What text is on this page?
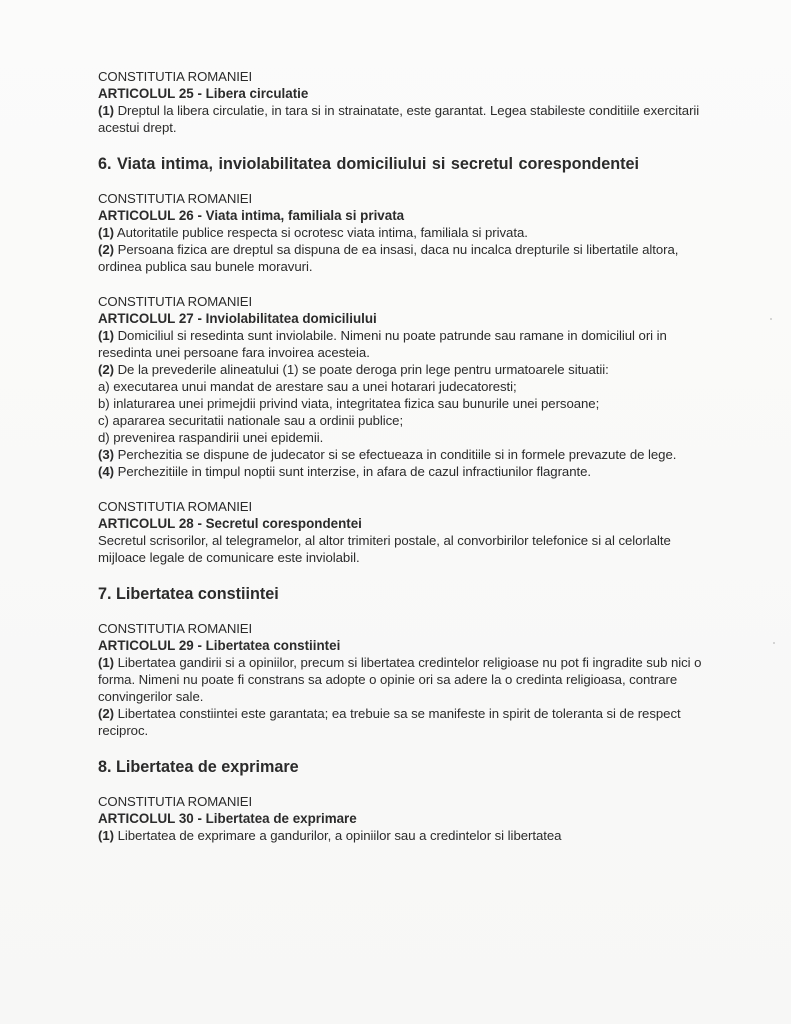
CONSTITUTIA ROMANIEI
ARTICOLUL 25 - Libera circulatie
(1) Dreptul la libera circulatie, in tara si in strainatate, este garantat. Legea stabileste conditiile exercitarii acestui drept.
6. Viata intima, inviolabilitatea domiciliului si secretul corespondentei
CONSTITUTIA ROMANIEI
ARTICOLUL 26 - Viata intima, familiala si privata
(1) Autoritatile publice respecta si ocrotesc viata intima, familiala si privata.
(2) Persoana fizica are dreptul sa dispuna de ea insasi, daca nu incalca drepturile si libertatile altora, ordinea publica sau bunele moravuri.
CONSTITUTIA ROMANIEI
ARTICOLUL 27 - Inviolabilitatea domiciliului
(1) Domiciliul si resedinta sunt inviolabile. Nimeni nu poate patrunde sau ramane in domiciliul ori in resedinta unei persoane fara invoirea acesteia.
(2) De la prevederile alineatului (1) se poate deroga prin lege pentru urmatoarele situatii:
a) executarea unui mandat de arestare sau a unei hotarari judecatoresti;
b) inlaturarea unei primejdii privind viata, integritatea fizica sau bunurile unei persoane;
c) apararea securitatii nationale sau a ordinii publice;
d) prevenirea raspandirii unei epidemii.
(3) Perchezitia se dispune de judecator si se efectueaza in conditiile si in formele prevazute de lege.
(4) Perchezitiile in timpul noptii sunt interzise, in afara de cazul infractiunilor flagrante.
CONSTITUTIA ROMANIEI
ARTICOLUL 28 - Secretul corespondentei
Secretul scrisorilor, al telegramelor, al altor trimiteri postale, al convorbirilor telefonice si al celorlalte mijloace legale de comunicare este inviolabil.
7. Libertatea constiintei
CONSTITUTIA ROMANIEI
ARTICOLUL 29 - Libertatea constiintei
(1) Libertatea gandirii si a opiniilor, precum si libertatea credintelor religioase nu pot fi ingradite sub nici o forma. Nimeni nu poate fi constrans sa adopte o opinie ori sa adere la o credinta religioasa, contrare convingerilor sale.
(2) Libertatea constiintei este garantata; ea trebuie sa se manifeste in spirit de toleranta si de respect reciproc.
8. Libertatea de exprimare
CONSTITUTIA ROMANIEI
ARTICOLUL 30 - Libertatea de exprimare
(1) Libertatea de exprimare a gandurilor, a opiniilor sau a credintelor si libertatea
